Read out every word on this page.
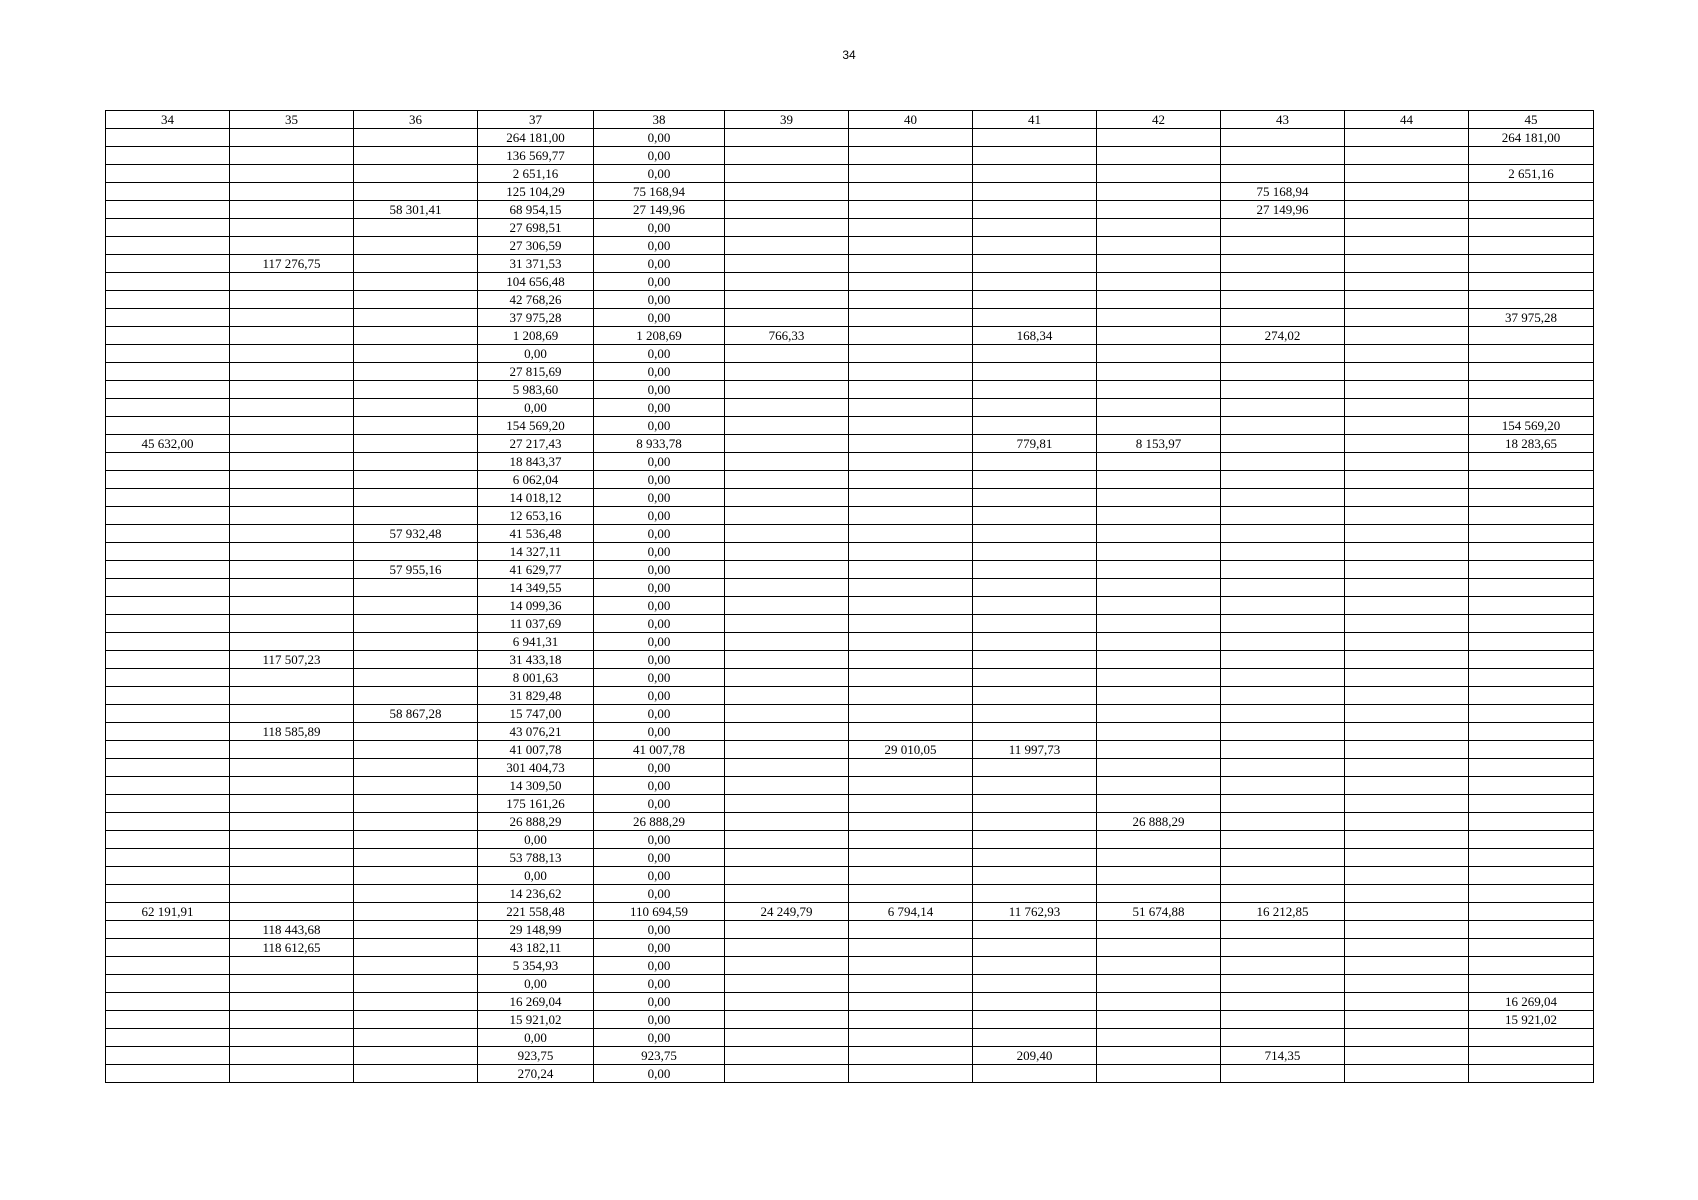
34
34	35	36	37	38	39	40	41	42	43	44	45
			264 181,00	0,00							264 181,00
			136 569,77	0,00							
			2 651,16	0,00							2 651,16
			125 104,29	75 168,94					75 168,94		
		58 301,41	68 954,15	27 149,96					27 149,96		
			27 698,51	0,00							
			27 306,59	0,00							
	117 276,75		31 371,53	0,00							
			104 656,48	0,00							
			42 768,26	0,00							
			37 975,28	0,00							37 975,28
			1 208,69	1 208,69	766,33		168,34		274,02		
			0,00	0,00							
			27 815,69	0,00							
			5 983,60	0,00							
			0,00	0,00							
			154 569,20	0,00							154 569,20
45 632,00			27 217,43	8 933,78			779,81	8 153,97			18 283,65
			18 843,37	0,00							
			6 062,04	0,00							
			14 018,12	0,00							
			12 653,16	0,00							
		57 932,48	41 536,48	0,00							
			14 327,11	0,00							
		57 955,16	41 629,77	0,00							
			14 349,55	0,00							
			14 099,36	0,00							
			11 037,69	0,00							
			6 941,31	0,00							
	117 507,23		31 433,18	0,00							
			8 001,63	0,00							
			31 829,48	0,00							
		58 867,28	15 747,00	0,00							
	118 585,89		43 076,21	0,00							
			41 007,78	41 007,78		29 010,05	11 997,73				
			301 404,73	0,00							
			14 309,50	0,00							
			175 161,26	0,00							
			26 888,29	26 888,29				26 888,29			
			0,00	0,00							
			53 788,13	0,00							
			0,00	0,00							
			14 236,62	0,00							
62 191,91			221 558,48	110 694,59	24 249,79	6 794,14	11 762,93	51 674,88	16 212,85		
	118 443,68		29 148,99	0,00							
	118 612,65		43 182,11	0,00							
			5 354,93	0,00							
			0,00	0,00							
			16 269,04	0,00							16 269,04
			15 921,02	0,00							15 921,02
			0,00	0,00							
			923,75	923,75			209,40		714,35		
			270,24	0,00							
